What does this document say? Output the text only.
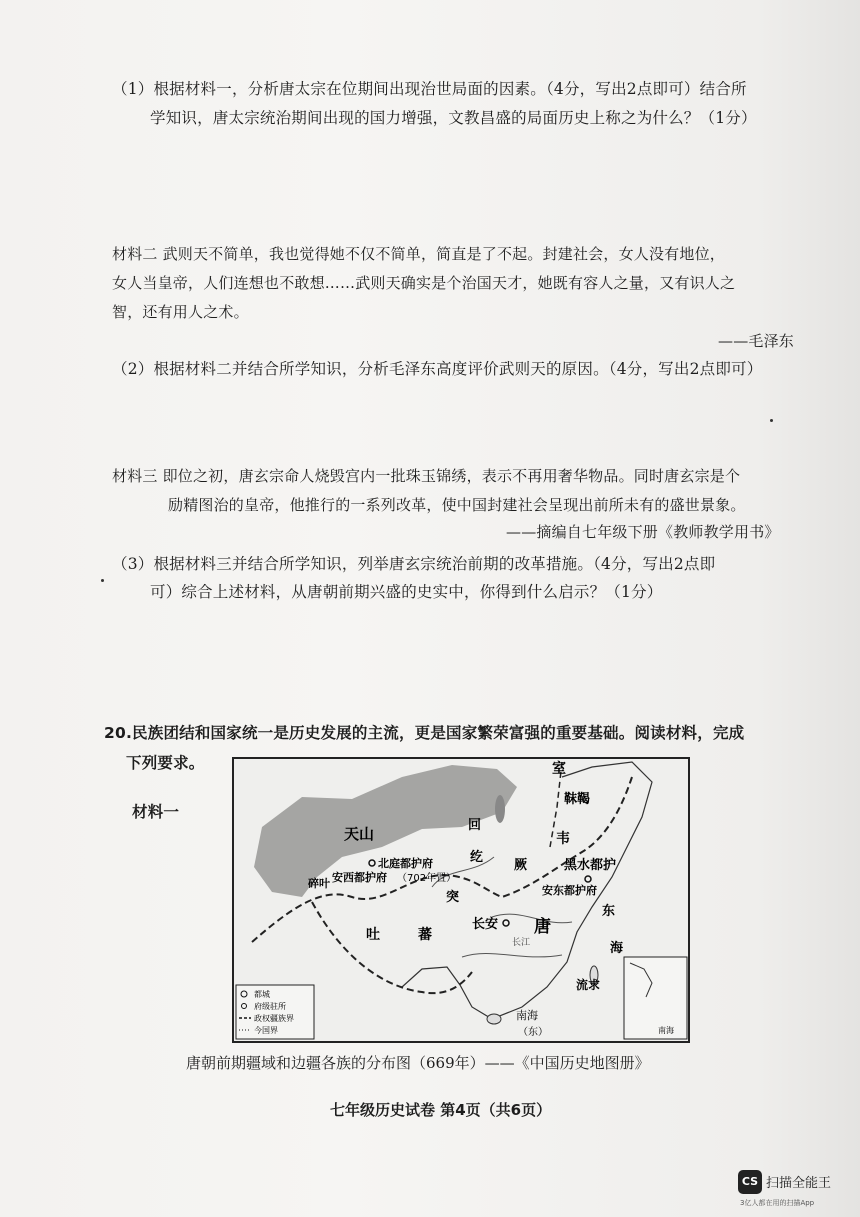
（1）根据材料一，分析唐太宗在位期间出现治世局面的因素。（4分，写出2点即可）结合所
学知识，唐太宗统治期间出现的国力增强，文教昌盛的局面历史上称之为什么？（1分）
材料二 武则天不简单，我也觉得她不仅不简单，简直是了不起。封建社会，女人没有地位，
女人当皇帝，人们连想也不敢想……武则天确实是个治国天才，她既有容人之量，又有识人之
智，还有用人之术。
——毛泽东
（2）根据材料二并结合所学知识，分析毛泽东高度评价武则天的原因。（4分，写出2点即可）
材料三 即位之初，唐玄宗命人烧毁宫内一批珠玉锦绣，表示不再用奢华物品。同时唐玄宗是个
励精图治的皇帝，他推行的一系列改革，使中国封建社会呈现出前所未有的盛世景象。
——摘编自七年级下册《教师教学用书》
（3）根据材料三并结合所学知识，列举唐玄宗统治前期的改革措施。（4分，写出2点即
可）综合上述材料，从唐朝前期兴盛的史实中，你得到什么启示？（1分）
20.民族团结和国家统一是历史发展的主流，更是国家繁荣富强的重要基础。阅读材料，完成
下列要求。
材料一
室
韦
靺鞨
黑水都护
天山
北庭都护府
（702年置）
安西都护府
碎叶
回
纥
突
厥
安东都护府
长安 唐
吐	蕃
东
海
流求
南海
（东）
长江
都城
府级驻所
政权疆族界
今国界	南海
唐朝前期疆域和边疆各族的分布图（669年）——《中国历史地图册》
七年级历史试卷 第4页（共6页）
CS 扫描全能王
3亿人都在用的扫描App
